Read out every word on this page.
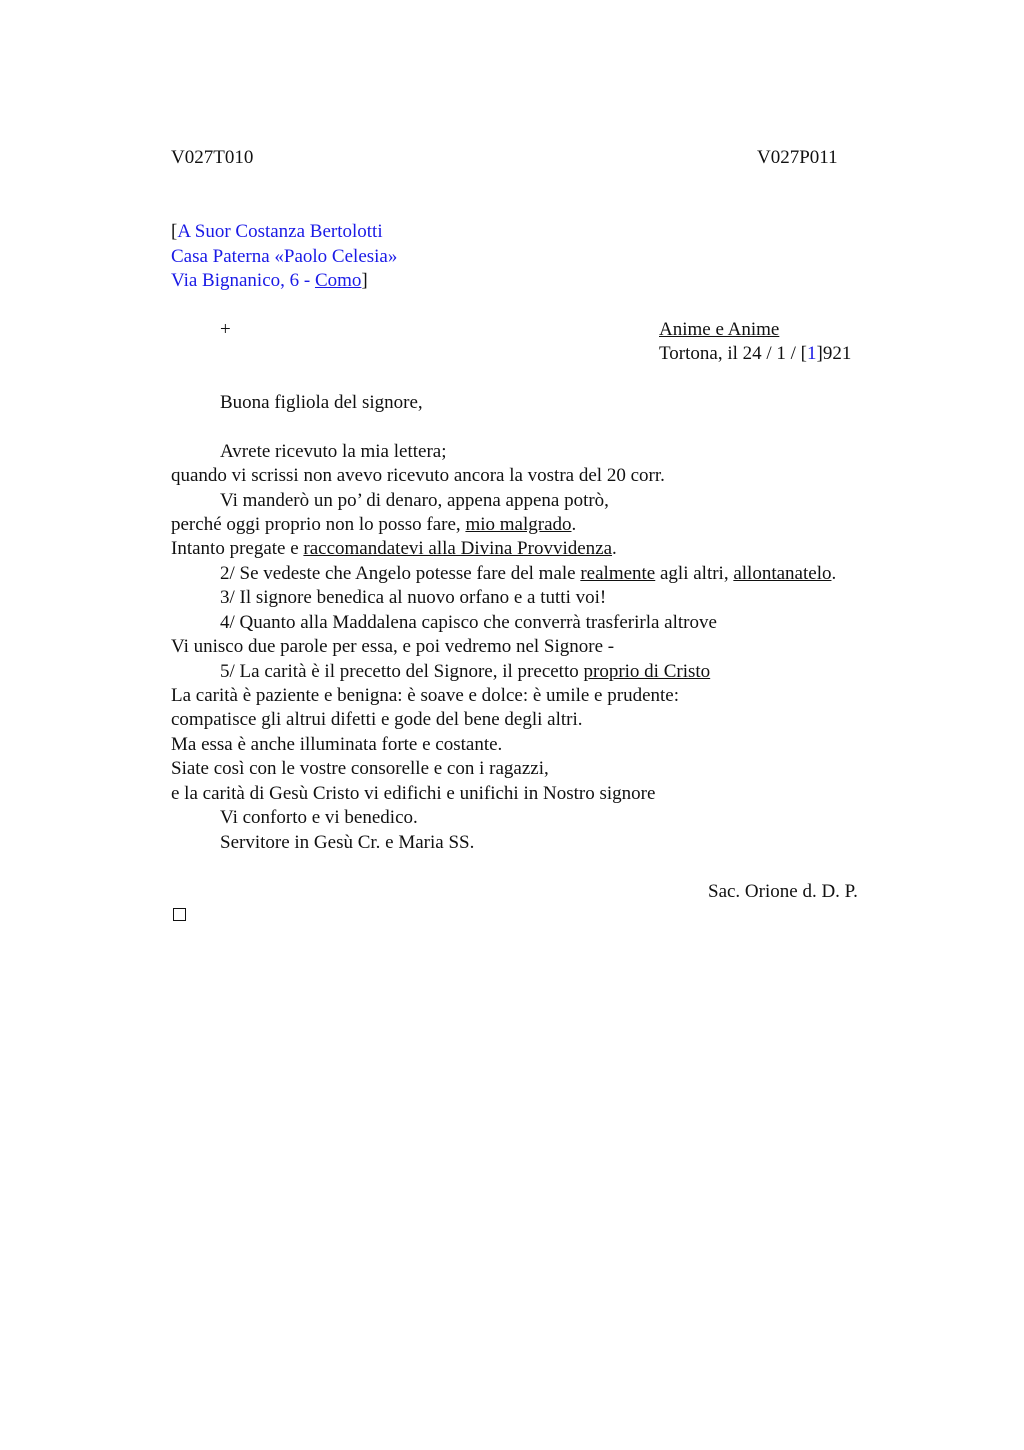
V027T010	V027P011
[A Suor Costanza Bertolotti
Casa Paterna «Paolo Celesia»
Via Bignanico, 6 - Como]
+	Anime e Anime
Tortona, il 24 / 1 / [1]921
Buona figliola del signore,
Avrete ricevuto la mia lettera;
quando vi scrissi non avevo ricevuto ancora la vostra del 20 corr.
Vi manderò un po’ di denaro, appena appena potrò,
perché oggi proprio non lo posso fare, mio malgrado.
Intanto pregate e raccomandatevi alla Divina Provvidenza.
2/ Se vedeste che Angelo potesse fare del male realmente agli altri, allontanatelo.
3/ Il signore benedica al nuovo orfano e a tutti voi!
4/ Quanto alla Maddalena capisco che converrà trasferirla altrove
Vi unisco due parole per essa, e poi vedremo nel Signore -
5/ La carità è il precetto del Signore, il precetto proprio di Cristo
La carità è paziente e benigna: è soave e dolce: è umile e prudente:
compatisce gli altrui difetti e gode del bene degli altri.
Ma essa è anche illuminata forte e costante.
Siate così con le vostre consorelle e con i ragazzi,
e la carità di Gesù Cristo vi edifichi e unifichi in Nostro signore
Vi conforto e vi benedico.
Servitore in Gesù Cr. e Maria SS.
Sac. Orione d. D. P.
